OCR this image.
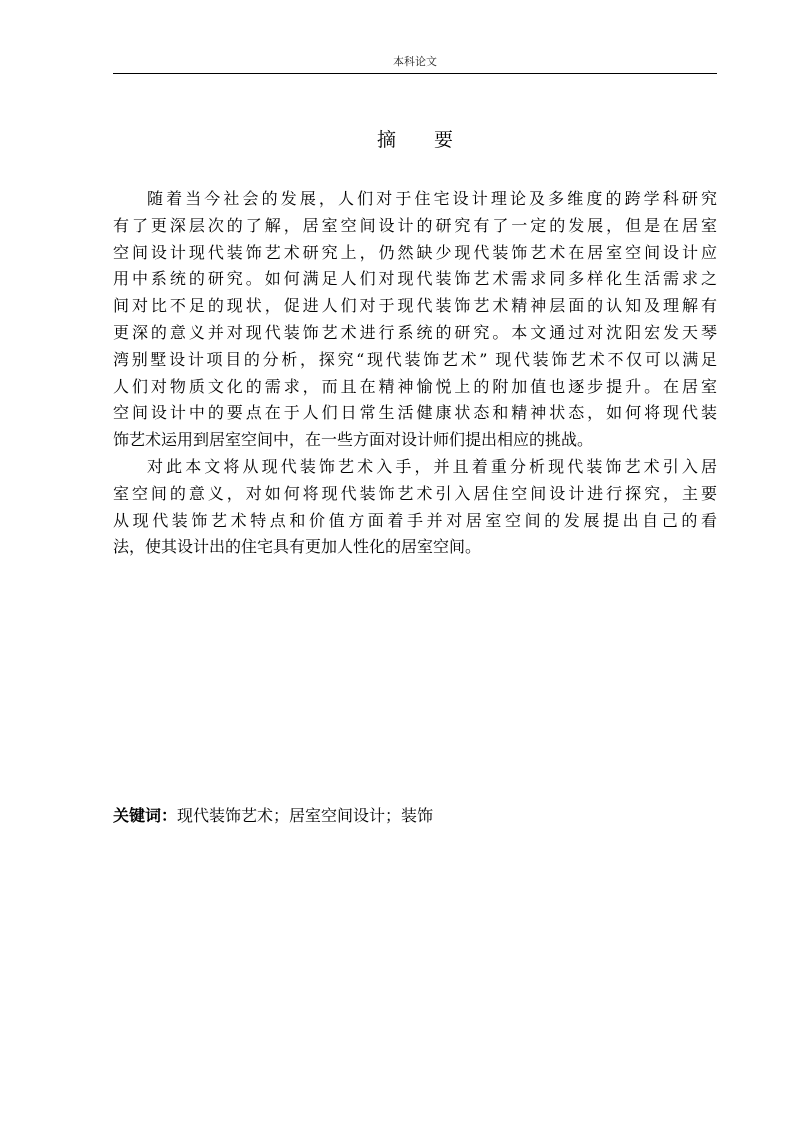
本科论文
摘 要
随着当今社会的发展，人们对于住宅设计理论及多维度的跨学科研究
有了更深层次的了解，居室空间设计的研究有了一定的发展，但是在居室
空间设计现代装饰艺术研究上，仍然缺少现代装饰艺术在居室空间设计应
用中系统的研究。如何满足人们对现代装饰艺术需求同多样化生活需求之
间对比不足的现状，促进人们对于现代装饰艺术精神层面的认知及理解有
更深的意义并对现代装饰艺术进行系统的研究。本文通过对沈阳宏发天琴
湾别墅设计项目的分析，探究“现代装饰艺术” 现代装饰艺术不仅可以满足
人们对物质文化的需求，而且在精神愉悦上的附加值也逐步提升。在居室
空间设计中的要点在于人们日常生活健康状态和精神状态，如何将现代装
饰艺术运用到居室空间中，在一些方面对设计师们提出相应的挑战。
对此本文将从现代装饰艺术入手，并且着重分析现代装饰艺术引入居
室空间的意义，对如何将现代装饰艺术引入居住空间设计进行探究，主要
从现代装饰艺术特点和价值方面着手并对居室空间的发展提出自己的看
法，使其设计出的住宅具有更加人性化的居室空间。
关键词：现代装饰艺术；居室空间设计；装饰
